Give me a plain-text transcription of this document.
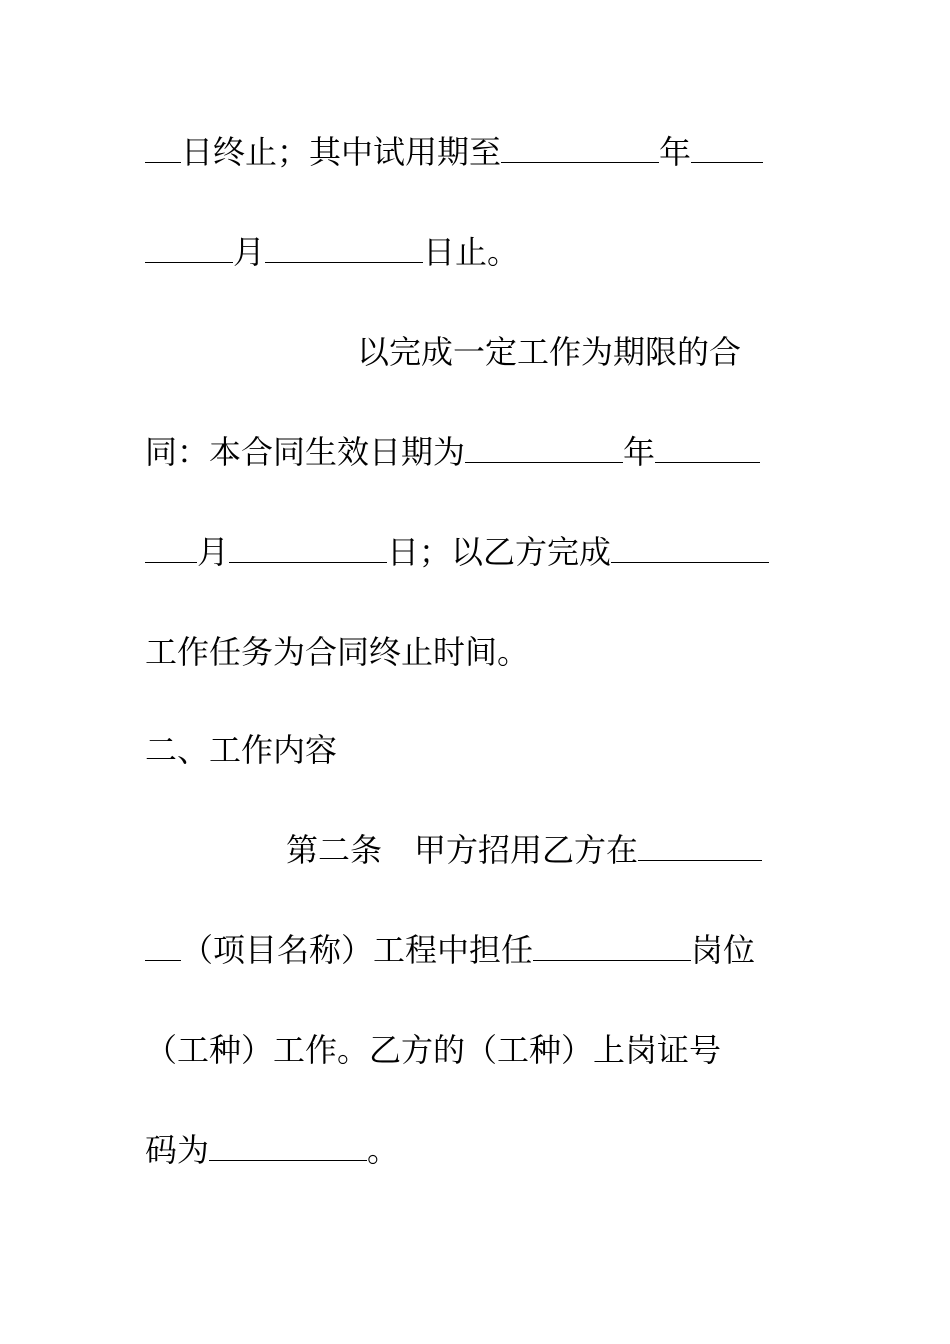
日终止；其中试用期至	年
月	日止。
以完成一定工作为期限的合
同：本合同生效日期为	年
月	日；以乙方完成
工作任务为合同终止时间。
二、工作内容
第二条　甲方招用乙方在
（项目名称）工程中担任	岗位
（工种）工作。乙方的（工种）上岗证号
码为	。
